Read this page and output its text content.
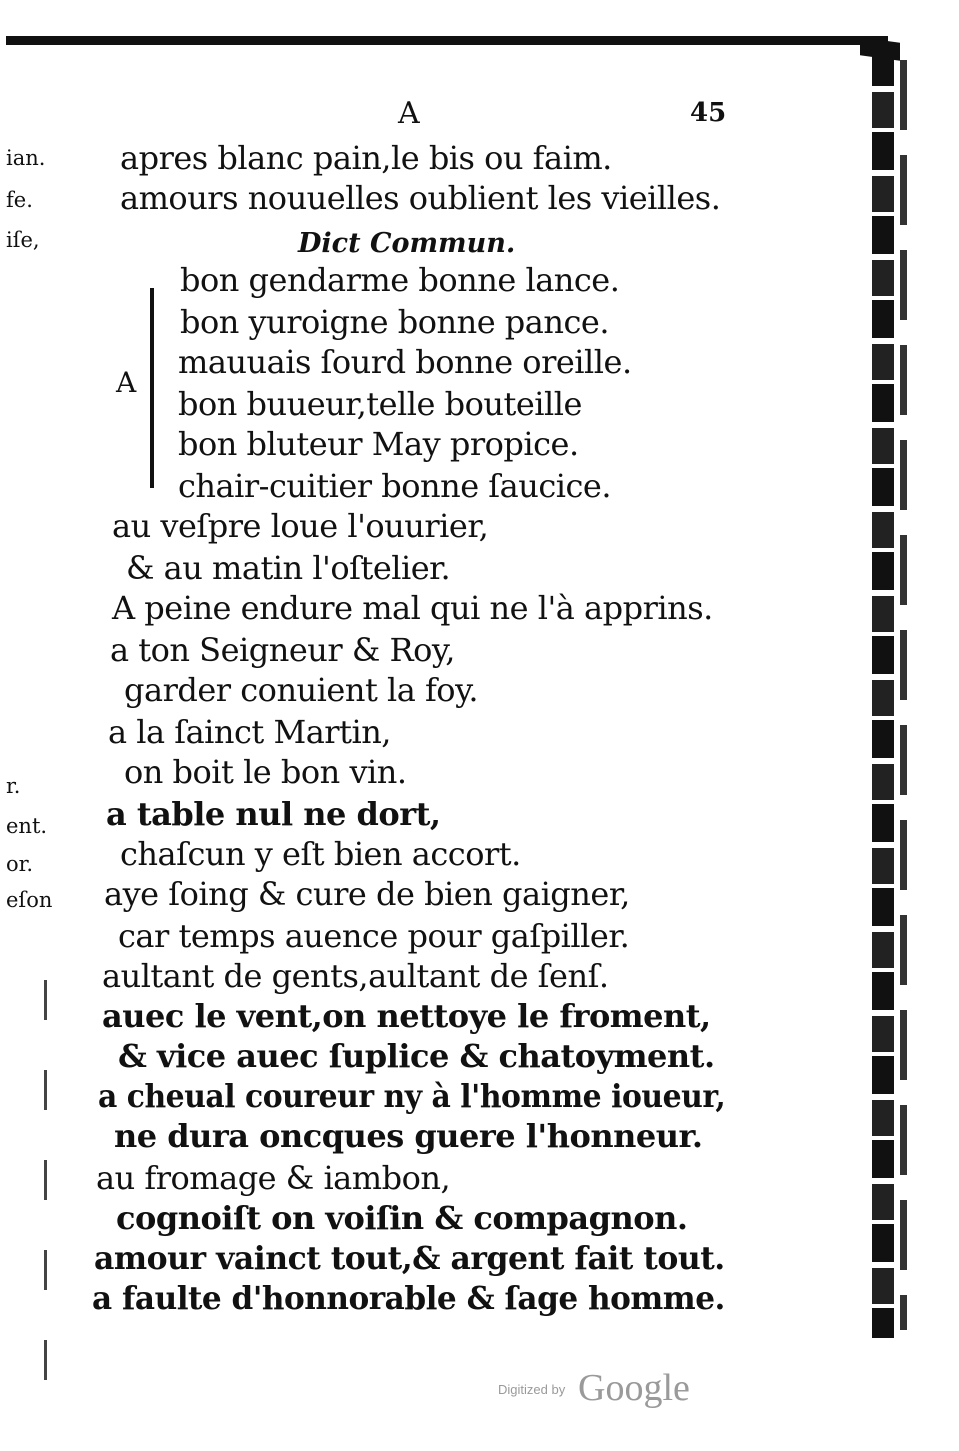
A	45
ian.
fe.
iſe,
r.
ent.
or.
eſon
apres blanc pain,le bis ou faim.
amours nouuelles oublient les vieilles.
Dict Commun.
A
bon gendarme bonne lance.
bon yuroigne bonne pance.
mauuais ſourd bonne oreille.
bon buueur,telle bouteille
bon bluteur May propice.
chair-cuitier bonne ſaucice.
au veſpre loue l'ouurier,
& au matin l'oſtelier.
A peine endure mal qui ne l'à apprins.
a ton Seigneur & Roy,
garder conuient la foy.
a la ſainct Martin,
on boit le bon vin.
a table nul ne dort,
chaſcun y eſt bien accort.
aye ſoing & cure de bien gaigner,
car temps auence pour gaſpiller.
aultant de gents,aultant de ſenſ.
auec le vent,on nettoye le froment,
& vice auec ſuplice & chatoyment.
a cheual coureur ny à l'homme ioueur,
ne dura oncques guere l'honneur.
au fromage & iambon,
cognoiſt on voiſin & compagnon.
amour vainct tout,& argent fait tout.
a faulte d'honnorable & ſage homme.
Digitized by Google
